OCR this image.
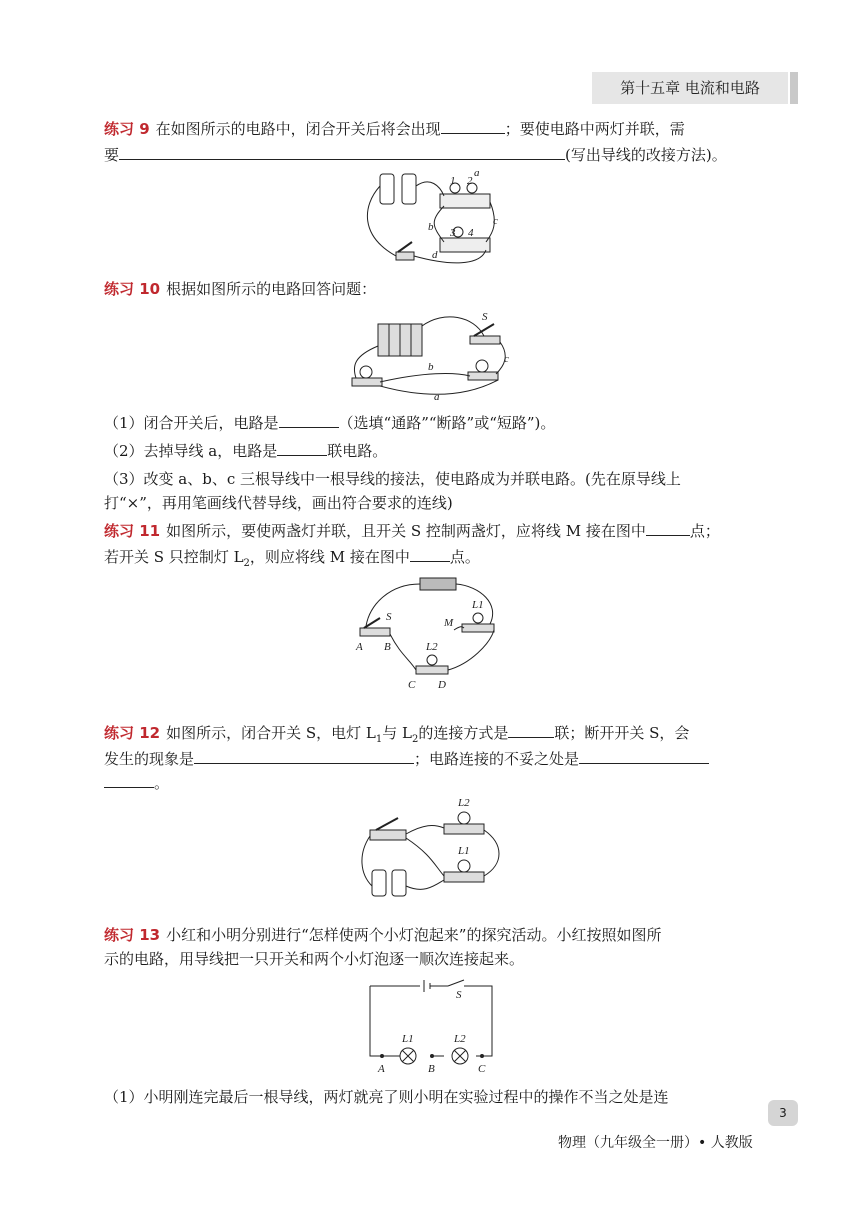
第十五章 电流和电路
练习 9 在如图所示的电路中，闭合开关后将会出现	；要使电路中两灯并联，需
要	(写出导线的改接方法)。
1 2
3 4
a
b	c
d
练习 10 根据如图所示的电路回答问题：
a
b
c
S
（1）闭合开关后，电路是	（选填“通路”“断路”或“短路”)。
（2）去掉导线 a，电路是	联电路。
（3）改变 a、b、c 三根导线中一根导线的接法，使电路成为并联电路。(先在原导线上
打“×”，再用笔画线代替导线，画出符合要求的连线)
练习 11 如图所示，要使两盏灯并联，且开关 S 控制两盏灯，应将线 M 接在图中	点；
若开关 S 只控制灯 $L_2$，则应将线 M 接在图中	点。
S	M
L1
L2
A B
C D
练习 12 如图所示，闭合开关 S，电灯 $L_1$与 $L_2$的连接方式是	联；断开开关 S，会
发生的现象是	；电路连接的不妥之处是
。
L2
L1
练习 13 小红和小明分别进行“怎样使两个小灯泡起来”的探究活动。小红按照如图所
示的电路，用导线把一只开关和两个小灯泡逐一顺次连接起来。
S
L1	L2
A	B	C
（1）小明刚连完最后一根导线，两灯就亮了则小明在实验过程中的操作不当之处是连
3
物理（九年级全一册）• 人教版
